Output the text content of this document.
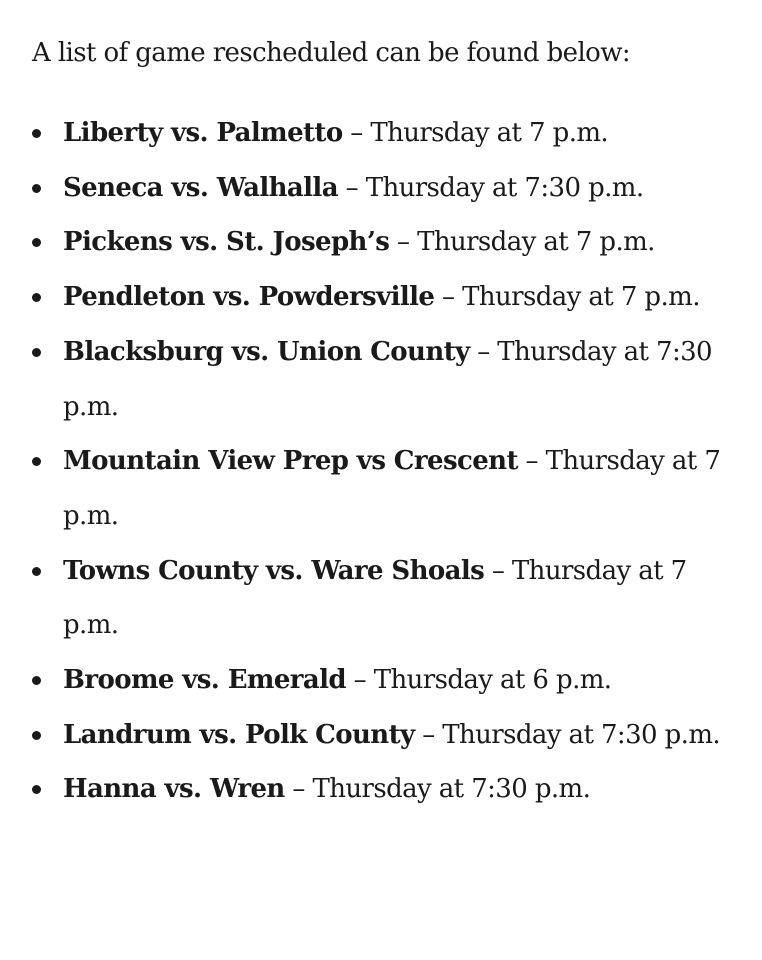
A list of game rescheduled can be found below:

Liberty vs. Palmetto – Thursday at 7 p.m.
Seneca vs. Walhalla – Thursday at 7:30 p.m.
Pickens vs. St. Joseph’s – Thursday at 7 p.m.
Pendleton vs. Powdersville – Thursday at 7 p.m.
Blacksburg vs. Union County – Thursday at 7:30 p.m.
Mountain View Prep vs Crescent – Thursday at 7 p.m.
Towns County vs. Ware Shoals – Thursday at 7 p.m.
Broome vs. Emerald – Thursday at 6 p.m.
Landrum vs. Polk County – Thursday at 7:30 p.m.
Hanna vs. Wren – Thursday at 7:30 p.m.
